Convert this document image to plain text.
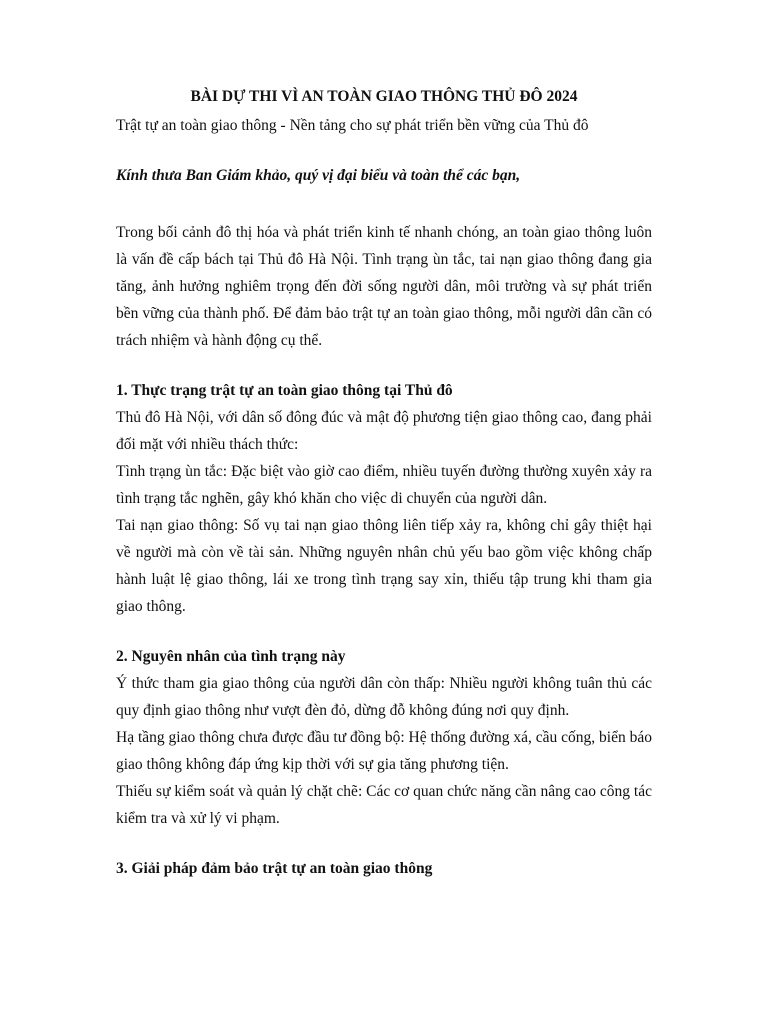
BÀI DỰ THI VÌ AN TOÀN GIAO THÔNG THỦ ĐÔ 2024

Trật tự an toàn giao thông - Nền tảng cho sự phát triển bền vững của Thủ đô

Kính thưa Ban Giám khảo, quý vị đại biểu và toàn thể các bạn,

Trong bối cảnh đô thị hóa và phát triển kinh tế nhanh chóng, an toàn giao thông luôn là vấn đề cấp bách tại Thủ đô Hà Nội. Tình trạng ùn tắc, tai nạn giao thông đang gia tăng, ảnh hưởng nghiêm trọng đến đời sống người dân, môi trường và sự phát triển bền vững của thành phố. Để đảm bảo trật tự an toàn giao thông, mỗi người dân cần có trách nhiệm và hành động cụ thể.

1. Thực trạng trật tự an toàn giao thông tại Thủ đô

Thủ đô Hà Nội, với dân số đông đúc và mật độ phương tiện giao thông cao, đang phải đối mặt với nhiều thách thức:

Tình trạng ùn tắc: Đặc biệt vào giờ cao điểm, nhiều tuyến đường thường xuyên xảy ra tình trạng tắc nghẽn, gây khó khăn cho việc di chuyển của người dân.

Tai nạn giao thông: Số vụ tai nạn giao thông liên tiếp xảy ra, không chỉ gây thiệt hại về người mà còn về tài sản. Những nguyên nhân chủ yếu bao gồm việc không chấp hành luật lệ giao thông, lái xe trong tình trạng say xỉn, thiếu tập trung khi tham gia giao thông.

2. Nguyên nhân của tình trạng này

Ý thức tham gia giao thông của người dân còn thấp: Nhiều người không tuân thủ các quy định giao thông như vượt đèn đỏ, dừng đỗ không đúng nơi quy định.

Hạ tầng giao thông chưa được đầu tư đồng bộ: Hệ thống đường xá, cầu cống, biển báo giao thông không đáp ứng kịp thời với sự gia tăng phương tiện.

Thiếu sự kiểm soát và quản lý chặt chẽ: Các cơ quan chức năng cần nâng cao công tác kiểm tra và xử lý vi phạm.

3. Giải pháp đảm bảo trật tự an toàn giao thông
